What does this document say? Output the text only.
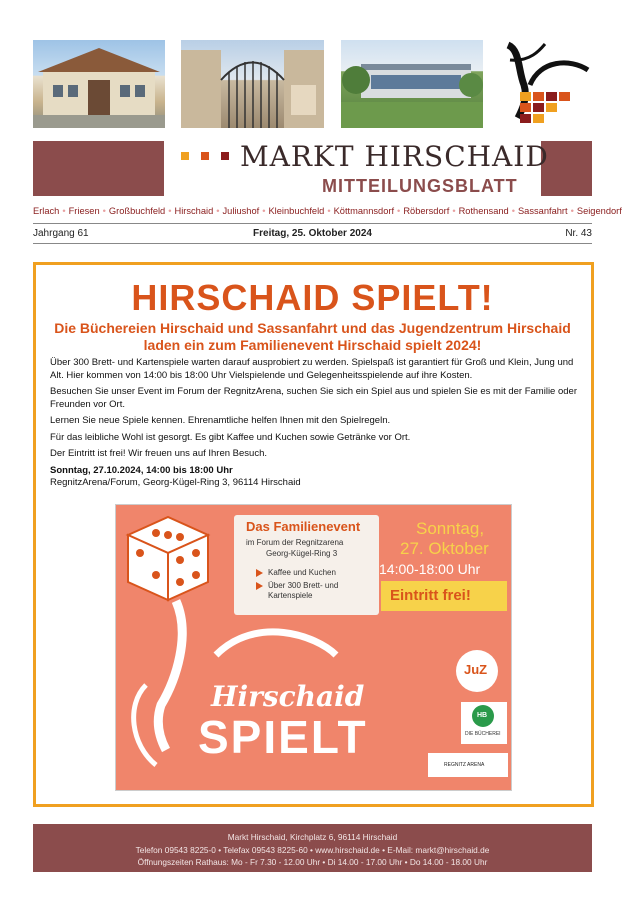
MARKT HIRSCHAID
MITTEILUNGSBLATT
Erlach • Friesen • Großbuchfeld • Hirschaid • Juliushof • Kleinbuchfeld • Köttmannsdorf • Röbersdorf • Rothensand • Sassanfahrt • Seigendorf
Jahrgang 61	Freitag, 25. Oktober 2024	Nr. 43
HIRSCHAID SPIELT!
Die Büchereien Hirschaid und Sassanfahrt und das Jugendzentrum Hirschaid laden ein zum Familienevent Hirschaid spielt 2024!

Über 300 Brett- und Kartenspiele warten darauf ausprobiert zu werden. Spielspaß ist garantiert für Groß und Klein, Jung und Alt. Hier kommen von 14:00 bis 18:00 Uhr Vielspielende und Gelegenheitsspielende auf ihre Kosten.

Besuchen Sie unser Event im Forum der RegnitzArena, suchen Sie sich ein Spiel aus und spielen Sie es mit der Familie oder Freunden vor Ort.

Lernen Sie neue Spiele kennen. Ehrenamtliche helfen Ihnen mit den Spielregeln.

Für das leibliche Wohl ist gesorgt. Es gibt Kaffee und Kuchen sowie Getränke vor Ort.

Der Eintritt ist frei! Wir freuen uns auf Ihren Besuch.

Sonntag, 27.10.2024, 14:00 bis 18:00 Uhr
RegnitzArena/Forum, Georg-Kügel-Ring 3, 96114 Hirschaid
Das Familienevent
im Forum der Regnitzarena
Georg-Kügel-Ring 3
Kaffee und Kuchen
Über 300 Brett- und
Kartenspiele
Sonntag,
27. Oktober
14:00-18:00 Uhr
Eintritt frei!
Hirschaid
SPIELT
JuZ
HB
DIE BÜCHEREI
REGNITZ ARENA
Markt Hirschaid, Kirchplatz 6, 96114 Hirschaid
Telefon 09543 8225-0 • Telefax 09543 8225-60 • www.hirschaid.de • E-Mail: markt@hirschaid.de
Öffnungszeiten Rathaus: Mo - Fr 7.30 - 12.00 Uhr • Di 14.00 - 17.00 Uhr • Do 14.00 - 18.00 Uhr
